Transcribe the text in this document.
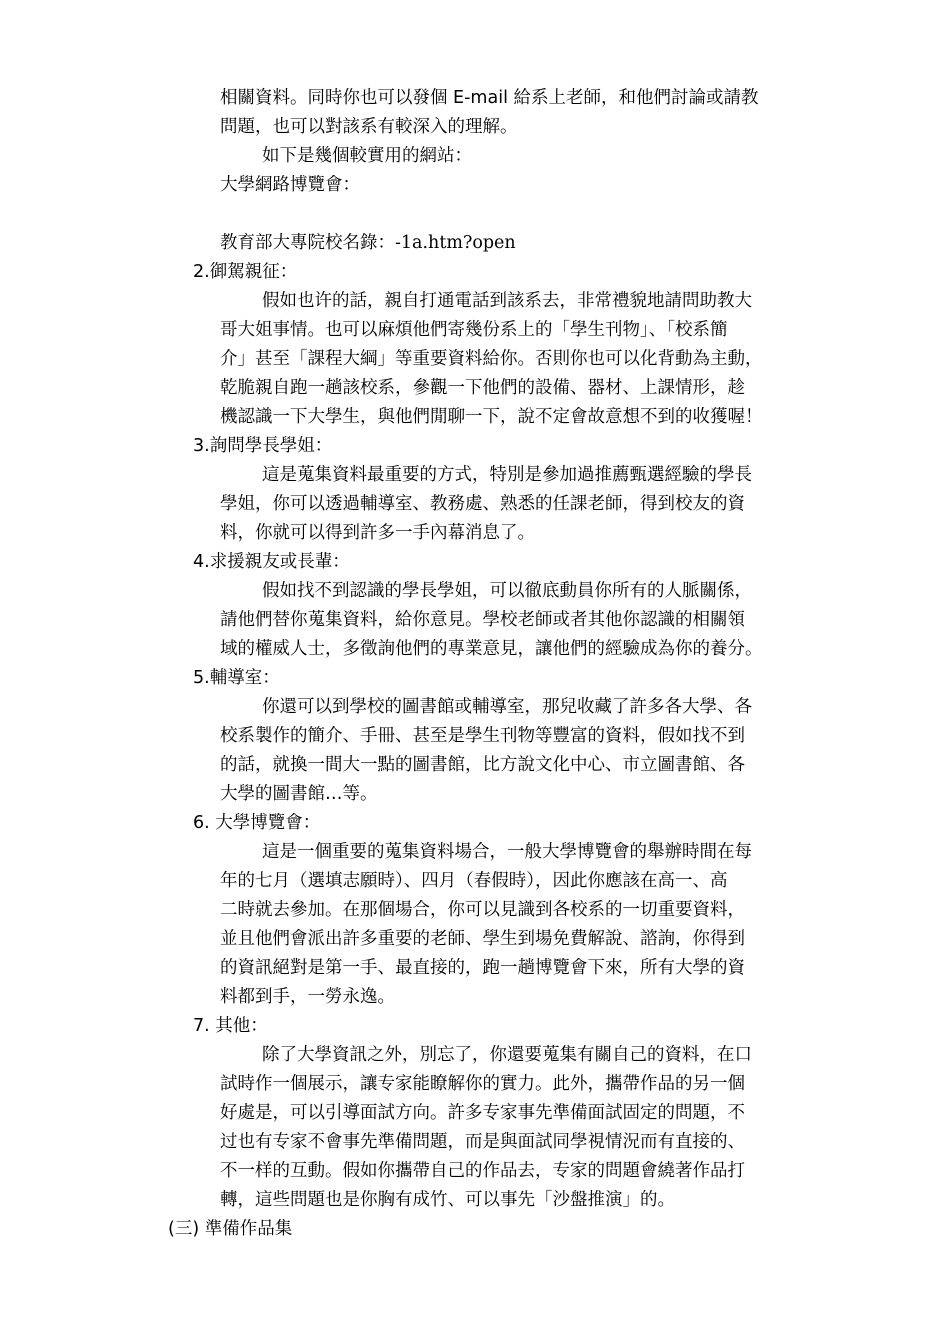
相關資料。同時你也可以發個 E-mail 給系上老師，和他們討論或請教
問題，也可以對該系有較深入的理解。
如下是幾個較實用的網站：
大學網路博覽會：
教育部大專院校名錄：-1a.htm?open
2.御駕親征：
假如也许的話，親自打通電話到該系去，非常禮貌地請問助教大
哥大姐事情。也可以麻煩他們寄幾份系上的「學生刊物」、「校系簡
介」甚至「課程大綱」等重要資料給你。否則你也可以化背動為主動，
乾脆親自跑一趟該校系，參觀一下他們的設備、器材、上課情形，趁
機認識一下大學生，與他們閒聊一下，說不定會故意想不到的收獲喔！
3.詢問學長學姐：
這是蒐集資料最重要的方式，特別是參加過推薦甄選經驗的學長
學姐，你可以透過輔導室、教務處、熟悉的任課老師，得到校友的資
料，你就可以得到許多一手內幕消息了。
4.求援親友或長輩：
假如找不到認識的學長學姐，可以徹底動員你所有的人脈關係，
請他們替你蒐集資料，給你意見。學校老師或者其他你認識的相關領
域的權威人士，多徵詢他們的專業意見，讓他們的經驗成為你的養分。
5.輔導室：
你還可以到學校的圖書館或輔導室，那兒收藏了許多各大學、各
校系製作的簡介、手冊、甚至是學生刊物等豐富的資料，假如找不到
的話，就換一間大一點的圖書館，比方說文化中心、市立圖書館、各
大學的圖書館…等。
6. 大學博覽會：
這是一個重要的蒐集資料場合，一般大學博覽會的舉辦時間在每
年的七月（選填志願時）、四月（春假時），因此你應該在高一、高
二時就去參加。在那個場合，你可以見識到各校系的一切重要資料，
並且他們會派出許多重要的老師、學生到場免費解說、諮詢，你得到
的資訊絕對是第一手、最直接的，跑一趟博覽會下來，所有大學的資
料都到手，一勞永逸。
7. 其他：
除了大學資訊之外，別忘了，你還要蒐集有關自己的資料，在口
試時作一個展示，讓专家能瞭解你的實力。此外，攜帶作品的另一個
好處是，可以引導面試方向。許多专家事先準備面試固定的問題，不
过也有专家不會事先準備問題，而是與面試同學視情況而有直接的、
不一样的互動。假如你攜帶自己的作品去，专家的問題會繞著作品打
轉，這些問題也是你胸有成竹、可以事先「沙盤推演」的。
(三) 準備作品集
